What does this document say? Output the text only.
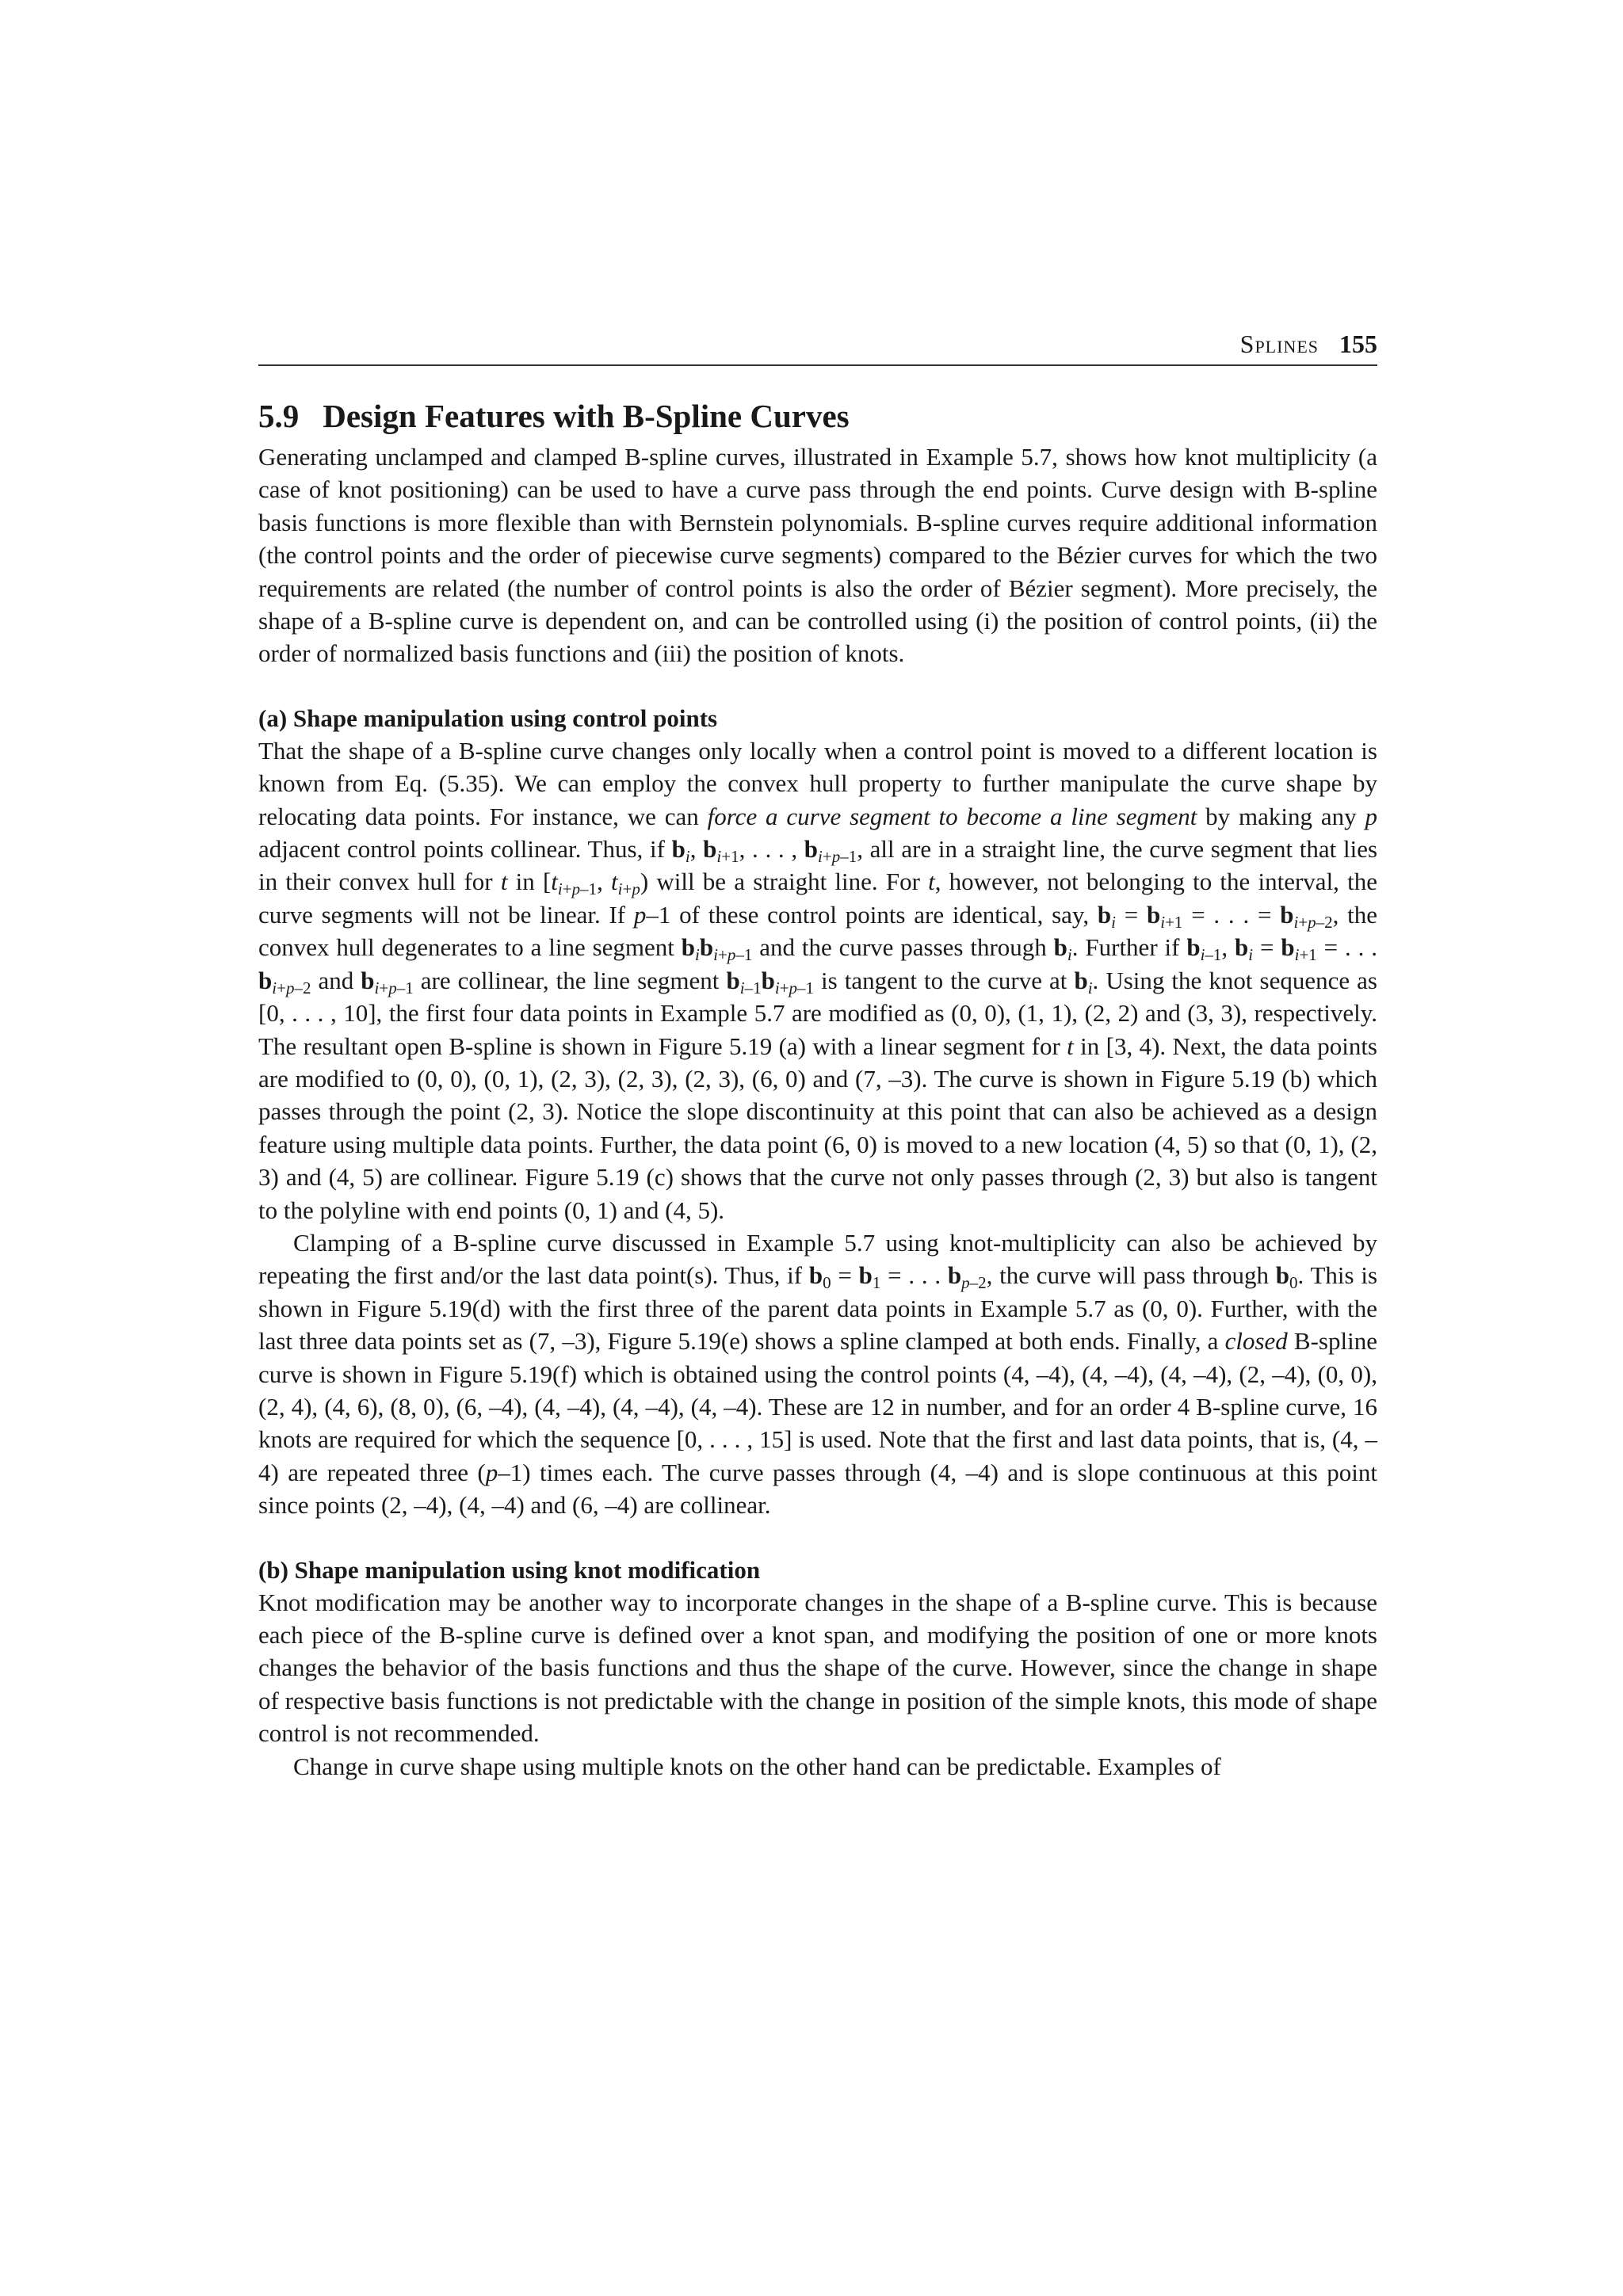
Splines 155
5.9 Design Features with B-Spline Curves

Generating unclamped and clamped B-spline curves, illustrated in Example 5.7, shows how knot multiplicity (a case of knot positioning) can be used to have a curve pass through the end points. Curve design with B-spline basis functions is more flexible than with Bernstein polynomials. B-spline curves require additional information (the control points and the order of piecewise curve segments) compared to the Bézier curves for which the two requirements are related (the number of control points is also the order of Bézier segment). More precisely, the shape of a B-spline curve is dependent on, and can be controlled using (i) the position of control points, (ii) the order of normalized basis functions and (iii) the position of knots.

(a) Shape manipulation using control points

That the shape of a B-spline curve changes only locally when a control point is moved to a different location is known from Eq. (5.35). We can employ the convex hull property to further manipulate the curve shape by relocating data points. For instance, we can force a curve segment to become a line segment by making any p adjacent control points collinear. Thus, if $b_i$, $b_{i+1}$, . . . , $b_{i+p-1}$, all are in a straight line, the curve segment that lies in their convex hull for t in [$t_{i+p-1}$, $t_{i+p}$) will be a straight line. For t, however, not belonging to the interval, the curve segments will not be linear. If p–1 of these control points are identical, say, $b_i = b_{i+1}$ = . . . = $b_{i+p-2}$, the convex hull degenerates to a line segment $b_ib_{i+p-1}$ and the curve passes through $b_i$. Further if $b_{i-1}$, $b_i = b_{i+1}$ = . . . $b_{i+p-2}$ and $b_{i+p-1}$ are collinear, the line segment $b_{i-1}b_{i+p-1}$ is tangent to the curve at $b_i$. Using the knot sequence as [0, . . . , 10], the first four data points in Example 5.7 are modified as (0, 0), (1, 1), (2, 2) and (3, 3), respectively. The resultant open B-spline is shown in Figure 5.19 (a) with a linear segment for t in [3, 4). Next, the data points are modified to (0, 0), (0, 1), (2, 3), (2, 3), (2, 3), (6, 0) and (7, –3). The curve is shown in Figure 5.19 (b) which passes through the point (2, 3). Notice the slope discontinuity at this point that can also be achieved as a design feature using multiple data points. Further, the data point (6, 0) is moved to a new location (4, 5) so that (0, 1), (2, 3) and (4, 5) are collinear. Figure 5.19 (c) shows that the curve not only passes through (2, 3) but also is tangent to the polyline with end points (0, 1) and (4, 5).

Clamping of a B-spline curve discussed in Example 5.7 using knot-multiplicity can also be achieved by repeating the first and/or the last data point(s). Thus, if $b_0 = b_1$ = . . . $b_{p-2}$, the curve will pass through $b_0$. This is shown in Figure 5.19(d) with the first three of the parent data points in Example 5.7 as (0, 0). Further, with the last three data points set as (7, –3), Figure 5.19(e) shows a spline clamped at both ends. Finally, a closed B-spline curve is shown in Figure 5.19(f) which is obtained using the control points (4, –4), (4, –4), (4, –4), (2, –4), (0, 0), (2, 4), (4, 6), (8, 0), (6, –4), (4, –4), (4, –4), (4, –4). These are 12 in number, and for an order 4 B-spline curve, 16 knots are required for which the sequence [0, . . . , 15] is used. Note that the first and last data points, that is, (4, –4) are repeated three (p–1) times each. The curve passes through (4, –4) and is slope continuous at this point since points (2, –4), (4, –4) and (6, –4) are collinear.

(b) Shape manipulation using knot modification

Knot modification may be another way to incorporate changes in the shape of a B-spline curve. This is because each piece of the B-spline curve is defined over a knot span, and modifying the position of one or more knots changes the behavior of the basis functions and thus the shape of the curve. However, since the change in shape of respective basis functions is not predictable with the change in position of the simple knots, this mode of shape control is not recommended.

Change in curve shape using multiple knots on the other hand can be predictable. Examples of
